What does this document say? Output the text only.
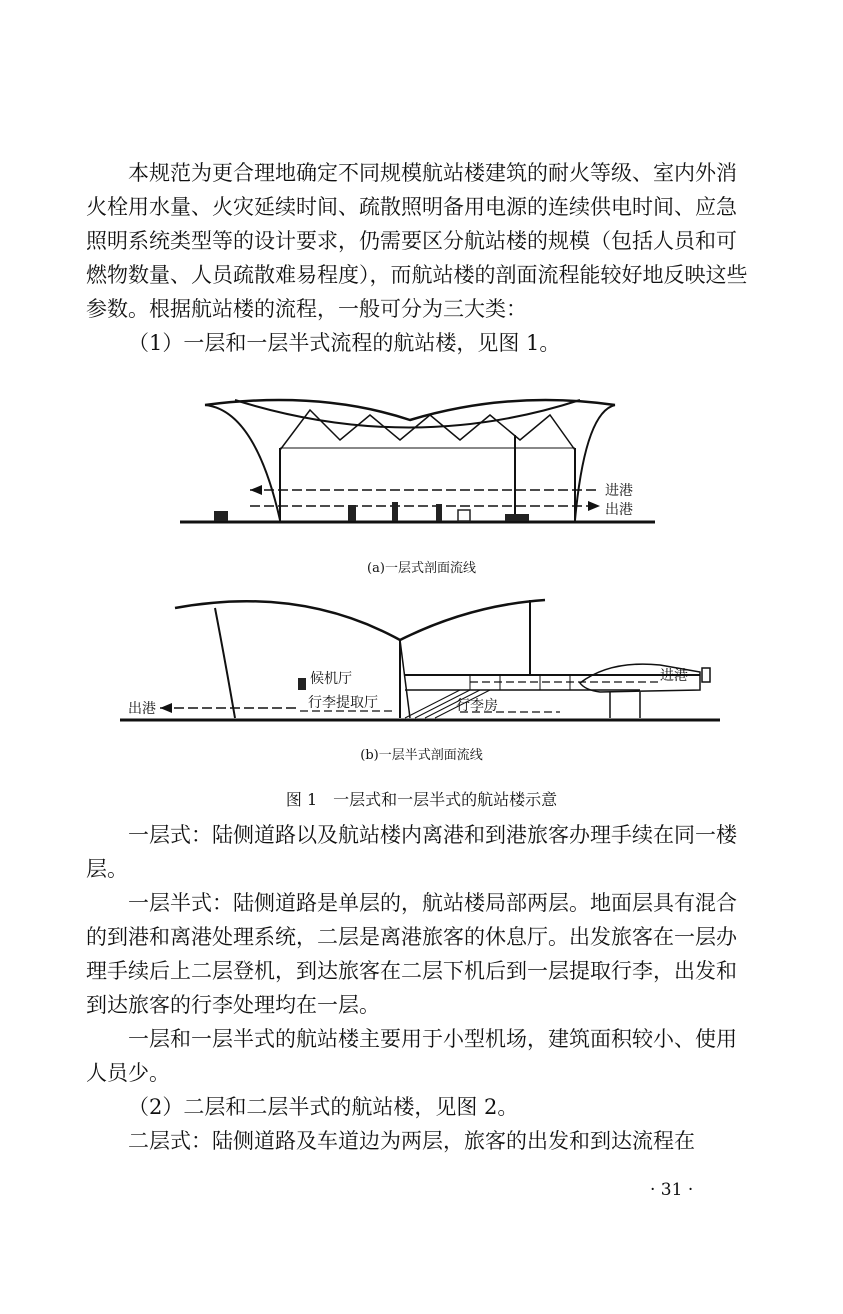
本规范为更合理地确定不同规模航站楼建筑的耐火等级、室内外消火栓用水量、火灾延续时间、疏散照明备用电源的连续供电时间、应急照明系统类型等的设计要求，仍需要区分航站楼的规模（包括人员和可燃物数量、人员疏散难易程度），而航站楼的剖面流程能较好地反映这些参数。根据航站楼的流程，一般可分为三大类：

（1）一层和一层半式流程的航站楼，见图 1。

进港
出港
(a)一层式剖面流线
出港
候机厅
行李提取厅	行李房
进港
(b)一层半式剖面流线
图 1　一层式和一层半式的航站楼示意

一层式：陆侧道路以及航站楼内离港和到港旅客办理手续在同一楼层。

一层半式：陆侧道路是单层的，航站楼局部两层。地面层具有混合的到港和离港处理系统，二层是离港旅客的休息厅。出发旅客在一层办理手续后上二层登机，到达旅客在二层下机后到一层提取行李，出发和到达旅客的行李处理均在一层。

一层和一层半式的航站楼主要用于小型机场，建筑面积较小、使用人员少。

（2）二层和二层半式的航站楼，见图 2。

二层式：陆侧道路及车道边为两层，旅客的出发和到达流程在

· 31 ·
